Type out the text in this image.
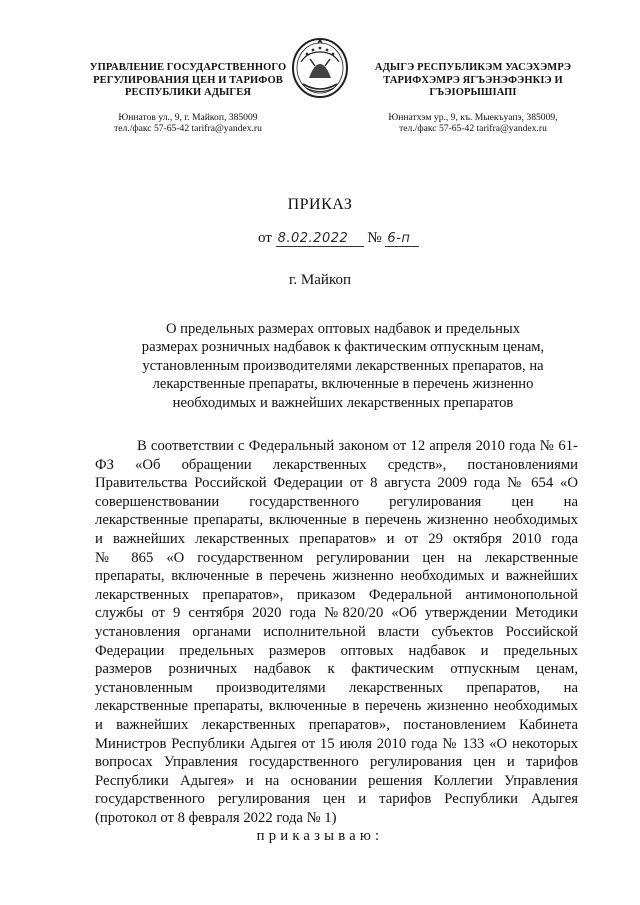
УПРАВЛЕНИЕ ГОСУДАРСТВЕННОГО
РЕГУЛИРОВАНИЯ ЦЕН И ТАРИФОВ
РЕСПУБЛИКИ АДЫГЕЯ
Юннатов ул., 9, г. Майкоп, 385009
тел./факс 57-65-42 tarifra@yandex.ru
АДЫГЭ РЕСПУБЛИКЭМ УАСЭХЭМРЭ
ТАРИФХЭМРЭ ЯГЪЭНЭФЭНКIЭ И
ГЪЭIОРЫШIАПI
Юннатхэм ур., 9, къ. Мыекъуапэ, 385009,
тел./факс 57-65-42 tarifra@yandex.ru
ПРИКАЗ
от 8.02.2022 № 6-п
г. Майкоп
О предельных размерах оптовых надбавок и предельных
размерах розничных надбавок к фактическим отпускным ценам,
установленным производителями лекарственных препаратов, на
лекарственные препараты, включенные в перечень жизненно
необходимых и важнейших лекарственных препаратов
В соответствии с Федеральный законом от 12 апреля 2010 года № 61-
ФЗ «Об обращении лекарственных средств», постановлениями
Правительства Российской Федерации от 8 августа 2009 года № 654 «О
совершенствовании государственного регулирования цен на
лекарственные препараты, включенные в перечень жизненно необходимых
и важнейших лекарственных препаратов» и от 29 октября 2010 года
№ 865 «О государственном регулировании цен на лекарственные
препараты, включенные в перечень жизненно необходимых и важнейших
лекарственных препаратов», приказом Федеральной антимонопольной
службы от 9 сентября 2020 года №820/20 «Об утверждении Методики
установления органами исполнительной власти субъектов Российской
Федерации предельных размеров оптовых надбавок и предельных
размеров розничных надбавок к фактическим отпускным ценам,
установленным производителями лекарственных препаратов, на
лекарственные препараты, включенные в перечень жизненно необходимых
и важнейших лекарственных препаратов», постановлением Кабинета
Министров Республики Адыгея от 15 июля 2010 года № 133 «О некоторых
вопросах Управления государственного регулирования цен и тарифов
Республики Адыгея» и на основании решения Коллегии Управления
государственного регулирования цен и тарифов Республики Адыгея
(протокол от 8 февраля 2022 года № 1)
приказываю:
